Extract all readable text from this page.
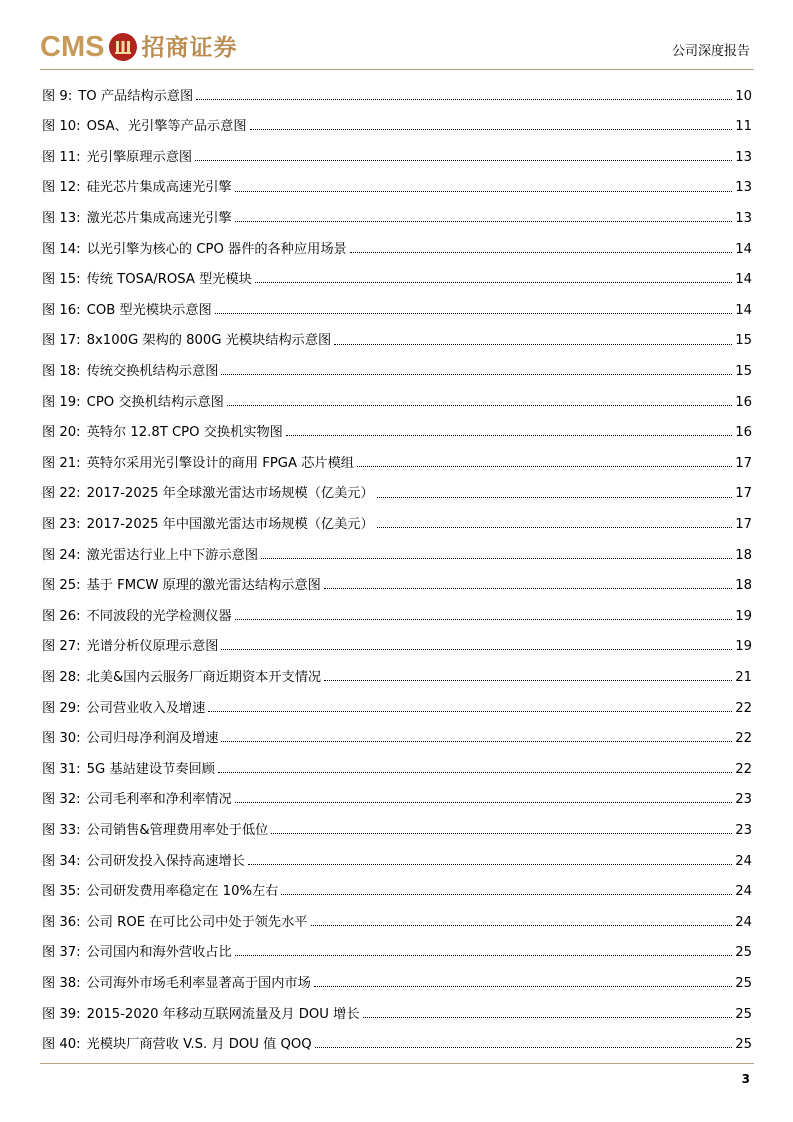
CMS 招商证券	公司深度报告
图 9: TO 产品结构示意图	10
图 10: OSA、光引擎等产品示意图	11
图 11: 光引擎原理示意图	13
图 12: 硅光芯片集成高速光引擎	13
图 13: 激光芯片集成高速光引擎	13
图 14: 以光引擎为核心的 CPO 器件的各种应用场景	14
图 15: 传统 TOSA/ROSA 型光模块	14
图 16: COB 型光模块示意图	14
图 17: 8x100G 架构的 800G 光模块结构示意图	15
图 18: 传统交换机结构示意图	15
图 19: CPO 交换机结构示意图	16
图 20: 英特尔 12.8T CPO 交换机实物图	16
图 21: 英特尔采用光引擎设计的商用 FPGA 芯片模组	17
图 22: 2017-2025 年全球激光雷达市场规模（亿美元）	17
图 23: 2017-2025 年中国激光雷达市场规模（亿美元）	17
图 24: 激光雷达行业上中下游示意图	18
图 25: 基于 FMCW 原理的激光雷达结构示意图	18
图 26: 不同波段的光学检测仪器	19
图 27: 光谱分析仪原理示意图	19
图 28: 北美&国内云服务厂商近期资本开支情况	21
图 29: 公司营业收入及增速	22
图 30: 公司归母净利润及增速	22
图 31: 5G 基站建设节奏回顾	22
图 32: 公司毛利率和净利率情况	23
图 33: 公司销售&管理费用率处于低位	23
图 34: 公司研发投入保持高速增长	24
图 35: 公司研发费用率稳定在 10%左右	24
图 36: 公司 ROE 在可比公司中处于领先水平	24
图 37: 公司国内和海外营收占比	25
图 38: 公司海外市场毛利率显著高于国内市场	25
图 39: 2015-2020 年移动互联网流量及月 DOU 增长	25
图 40: 光模块厂商营收 V.S. 月 DOU 值 QOQ	25
3
